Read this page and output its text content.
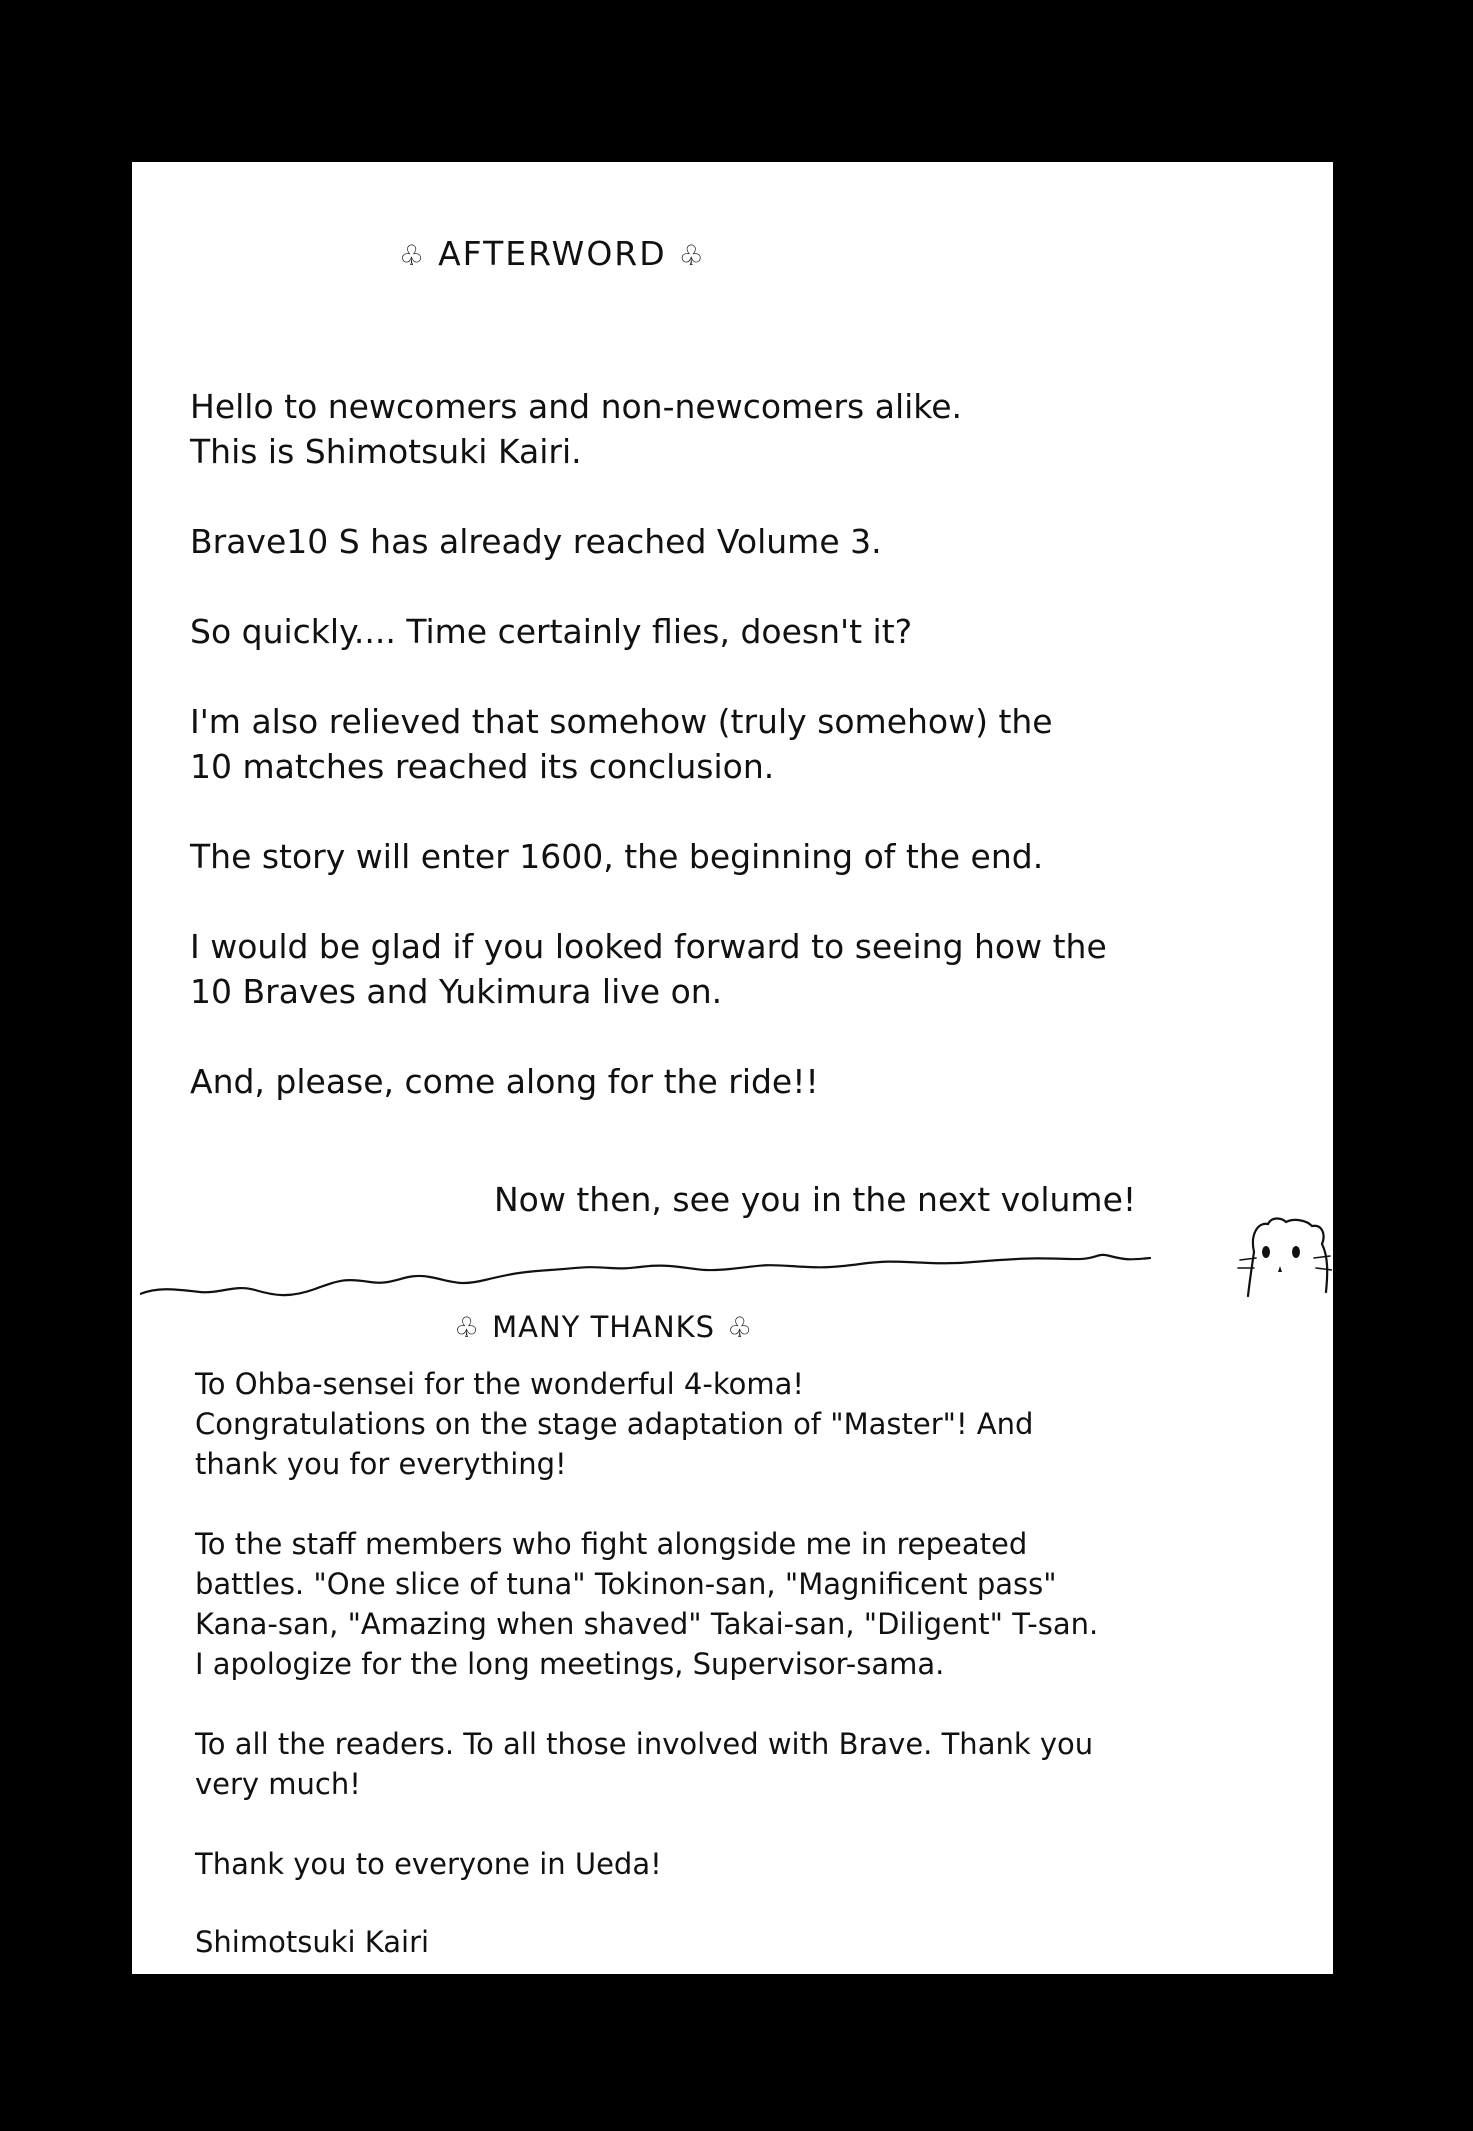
♧ AFTERWORD ♧

Hello to newcomers and non-newcomers alike.
This is Shimotsuki Kairi.

Brave10 S has already reached Volume 3.

So quickly.... Time certainly flies, doesn't it?

I'm also relieved that somehow (truly somehow) the
10 matches reached its conclusion.

The story will enter 1600, the beginning of the end.

I would be glad if you looked forward to seeing how the
10 Braves and Yukimura live on.

And, please, come along for the ride!!

Now then, see you in the next volume!
♧ MANY THANKS ♧

To Ohba-sensei for the wonderful 4-koma!
Congratulations on the stage adaptation of "Master"! And
thank you for everything!

To the staff members who fight alongside me in repeated
battles. "One slice of tuna" Tokinon-san, "Magnificent pass"
Kana-san, "Amazing when shaved" Takai-san, "Diligent" T-san.
I apologize for the long meetings, Supervisor-sama.

To all the readers. To all those involved with Brave. Thank you
very much!

Thank you to everyone in Ueda!

Shimotsuki Kairi
